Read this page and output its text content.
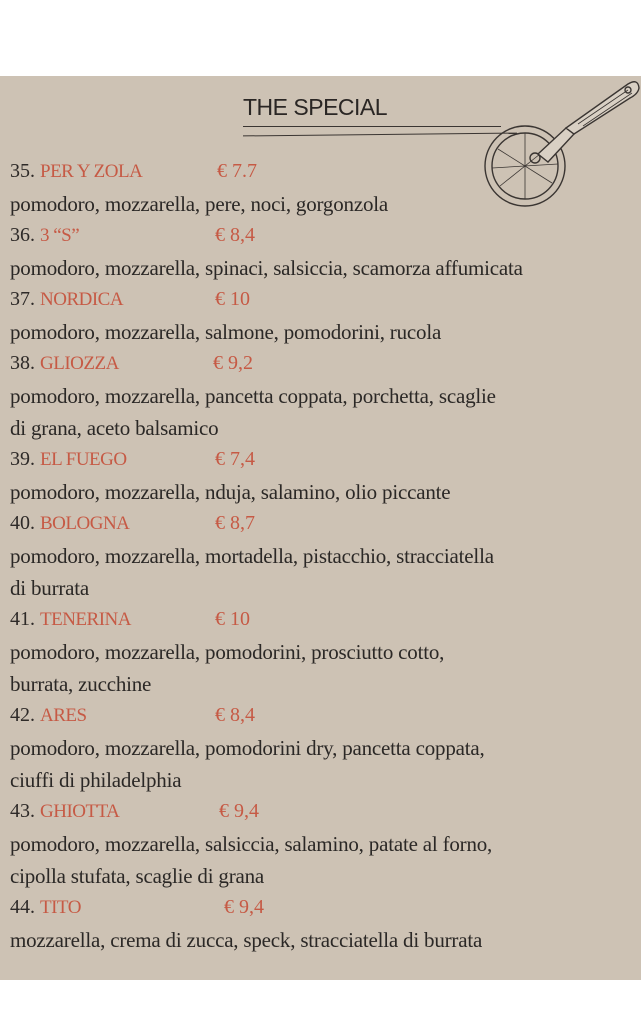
THE SPECIAL
35. PER Y ZOLA	€ 7.7
pomodoro, mozzarella, pere, noci, gorgonzola
36. 3 “S”	€ 8,4
pomodoro, mozzarella, spinaci, salsiccia, scamorza affumicata
37. NORDICA	€ 10
pomodoro, mozzarella, salmone, pomodorini, rucola
38. GLIOZZA	€ 9,2
pomodoro, mozzarella, pancetta coppata, porchetta, scaglie
di grana, aceto balsamico
39. EL FUEGO	€ 7,4
pomodoro, mozzarella, nduja, salamino, olio piccante
40. BOLOGNA	€ 8,7
pomodoro, mozzarella, mortadella, pistacchio, stracciatella
di burrata
41. TENERINA	€ 10
pomodoro, mozzarella, pomodorini, prosciutto cotto,
burrata, zucchine
42. ARES	€ 8,4
pomodoro, mozzarella, pomodorini dry, pancetta coppata,
ciuffi di philadelphia
43. GHIOTTA	€ 9,4
pomodoro, mozzarella, salsiccia, salamino, patate al forno,
cipolla stufata, scaglie di grana
44. TITO	€ 9,4
mozzarella, crema di zucca, speck, stracciatella di burrata
